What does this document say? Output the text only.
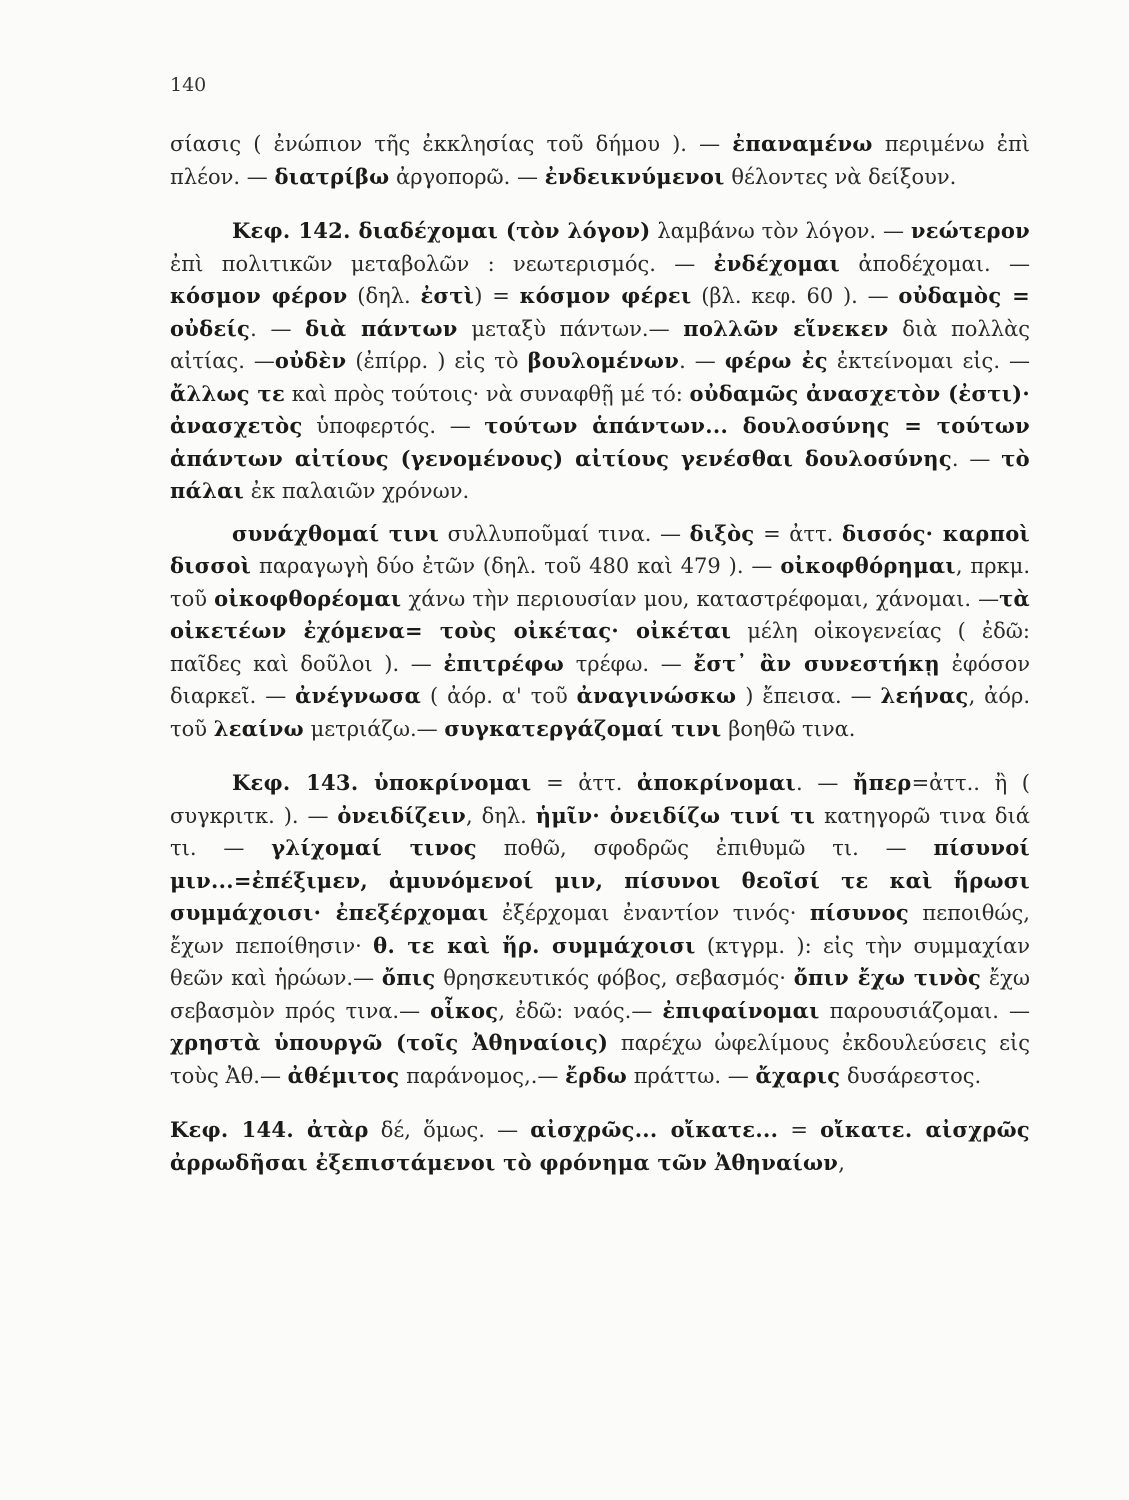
140

σίασις ( ἐνώπιον τῆς ἐκκλησίας τοῦ δήμου ). — ἐπαναμένω περιμένω ἐπὶ πλέον. — διατρίβω ἀργοπορῶ. — ἐνδεικνύμενοι θέλοντες νὰ δείξουν.

Κεφ. 142. διαδέχομαι (τὸν λόγον) λαμβάνω τὸν λόγον. — νεώτερον ἐπὶ πολιτικῶν μεταβολῶν : νεωτερισμός. — ἐνδέχομαι ἀποδέχομαι. — κόσμον φέρον (δηλ. ἐστὶ) = κόσμον φέρει (βλ. κεφ. 60 ). — οὐδαμὸς = οὐδείς. — διὰ πάντων μεταξὺ πάντων.— πολλῶν εἵνεκεν διὰ πολλὰς αἰτίας. —οὐδὲν (ἐπίρρ. ) εἰς τὸ βουλομένων. — φέρω ἐς ἐκτείνομαι εἰς. — ἄλλως τε καὶ πρὸς τούτοις· νὰ συναφθῇ μέ τό: οὐδαμῶς ἀνασχετὸν (ἐστι)· ἀνασχετὸς ὑποφερτός. — τούτων ἁπάντων... δουλοσύνης = τούτων ἁπάντων αἰτίους (γενομένους) αἰτίους γενέσθαι δουλοσύνης. — τὸ πάλαι ἐκ παλαιῶν χρόνων.

συνάχθομαί τινι συλλυποῦμαί τινα. — διξὸς = ἀττ. δισσός· καρποὶ δισσοὶ παραγωγὴ δύο ἐτῶν (δηλ. τοῦ 480 καὶ 479 ). — οἰκοφθόρημαι, πρκμ. τοῦ οἰκοφθορέομαι χάνω τὴν περιουσίαν μου, καταστρέφομαι, χάνομαι. —τὰ οἰκετέων ἐχόμενα= τοὺς οἰκέτας· οἰκέται μέλη οἰκογενείας ( ἐδῶ: παῖδες καὶ δοῦλοι ). — ἐπιτρέφω τρέφω. — ἔστ᾽ ἂν συνεστήκῃ ἐφόσον διαρκεῖ. — ἀνέγνωσα ( ἀόρ. α' τοῦ ἀναγινώσκω ) ἔπεισα. — λεήνας, ἀόρ. τοῦ λεαίνω μετριάζω.— συγκατεργάζομαί τινι βοηθῶ τινα.

Κεφ. 143. ὑποκρίνομαι = ἀττ. ἀποκρίνομαι. — ἤπερ=ἀττ.. ἢ ( συγκριτκ. ). — ὀνειδίζειν, δηλ. ἡμῖν· ὀνειδίζω τινί τι κατηγορῶ τινα διά τι. — γλίχομαί τινος ποθῶ, σφοδρῶς ἐπιθυμῶ τι. — πίσυνοί μιν...=ἐπέξιμεν, ἀμυνόμενοί μιν, πίσυνοι θεοῖσί τε καὶ ἥρωσι συμμάχοισι· ἐπεξέρχομαι ἐξέρχομαι ἐναντίον τινός· πίσυνος πεποιθώς, ἔχων πεποίθησιν· θ. τε καὶ ἥρ. συμμάχοισι (κτγρμ. ): εἰς τὴν συμμαχίαν θεῶν καὶ ἡρώων.— ὄπις θρησκευτικός φόβος, σεβασμός· ὄπιν ἔχω τινὸς ἔχω σεβασμὸν πρός τινα.— οἶκος, ἐδῶ: ναός.— ἐπιφαίνομαι παρουσιάζομαι. — χρηστὰ ὑπουργῶ (τοῖς Ἀθηναίοις) παρέχω ὠφελίμους ἐκδουλεύσεις εἰς τοὺς Ἀθ.— ἀθέμιτος παράνομος,.— ἔρδω πράττω. — ἄχαρις δυσάρεστος.

Κεφ. 144. ἀτὰρ δέ, ὅμως. — αἰσχρῶς... οἴκατε... = οἴκατε. αἰσχρῶς ἀρρωδῆσαι ἐξεπιστάμενοι τὸ φρόνημα τῶν Ἀθηναίων,
